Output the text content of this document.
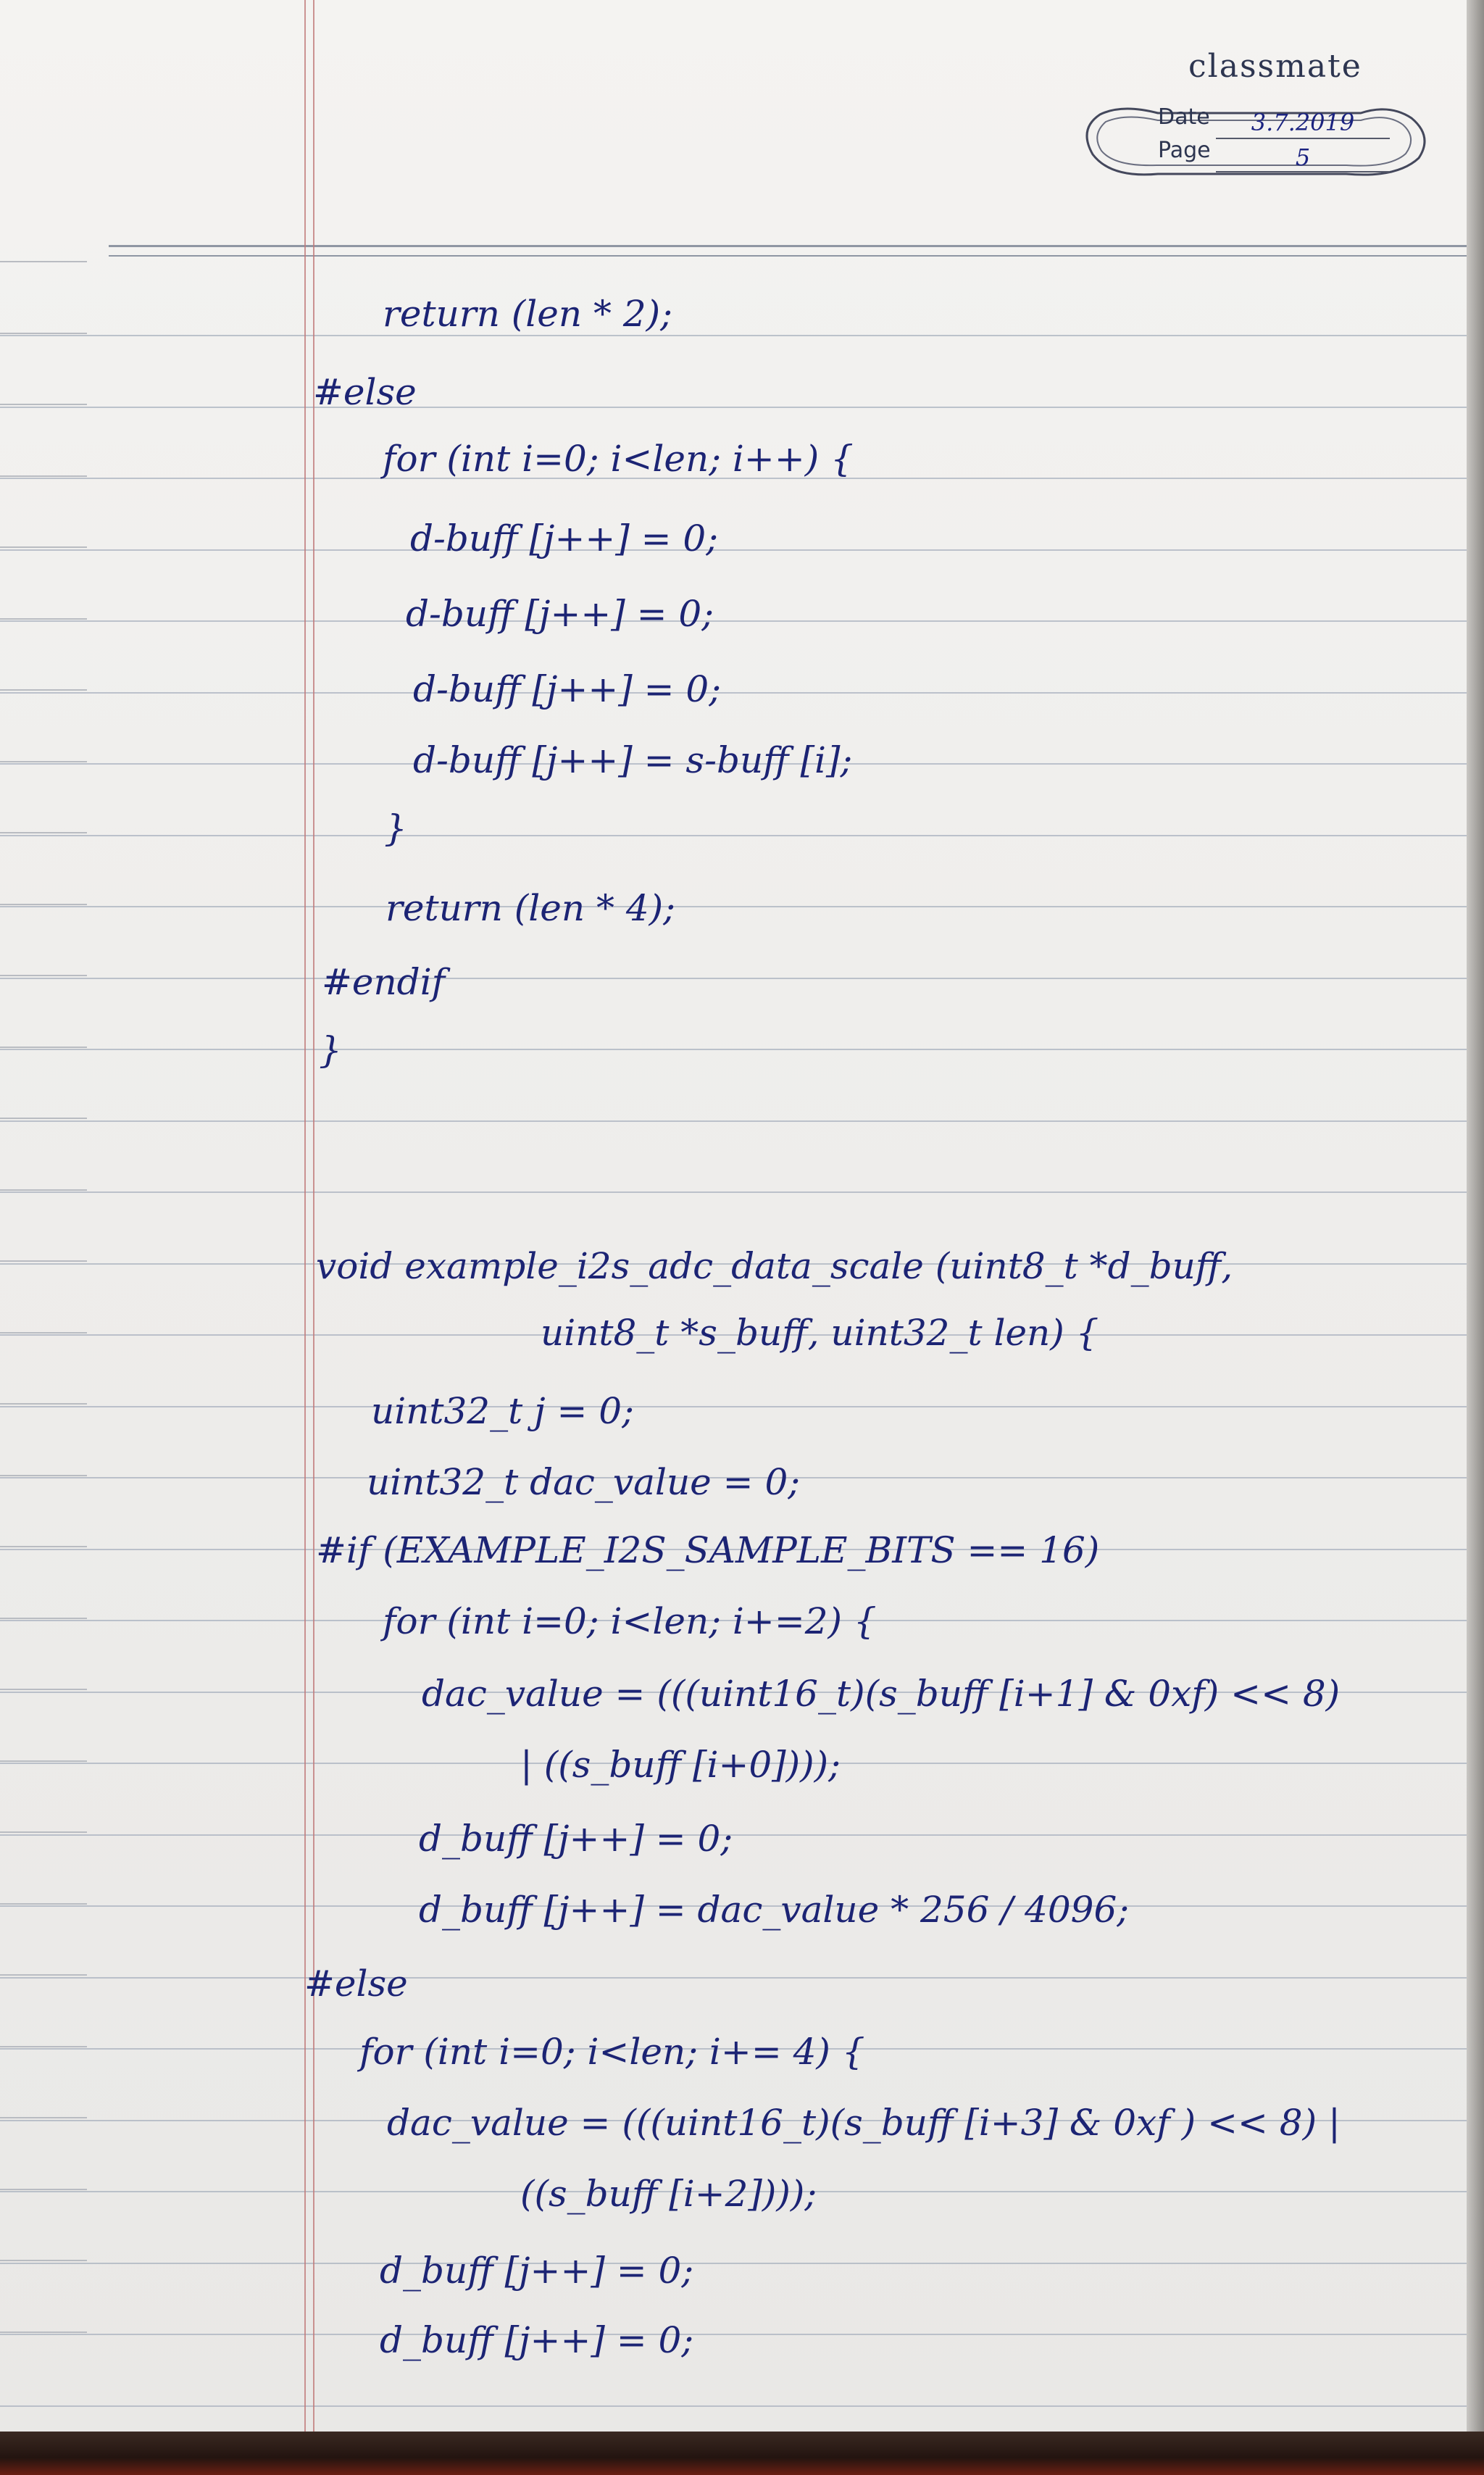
classmate
Date	3.7.2019
Page	5
return (len * 2);
#else
for (int i=0; i<len; i++) {
d-buff [j++] = 0;
d-buff [j++] = 0;
d-buff [j++] = 0;
d-buff [j++] = s-buff [i];
}
return (len * 4);
#endif
}
void example_i2s_adc_data_scale (uint8_t *d_buff,
uint8_t *s_buff, uint32_t len) {
uint32_t j = 0;
uint32_t dac_value = 0;
#if (EXAMPLE_I2S_SAMPLE_BITS == 16)
for (int i=0; i<len; i+=2) {
dac_value = (((uint16_t)(s_buff [i+1] & 0xf) << 8)
| ((s_buff [i+0])));
d_buff [j++] = 0;
d_buff [j++] = dac_value * 256 / 4096;
#else
for (int i=0; i<len; i+= 4) {
dac_value = (((uint16_t)(s_buff [i+3] & 0xf ) << 8) |
((s_buff [i+2])));
d_buff [j++] = 0;
d_buff [j++] = 0;
